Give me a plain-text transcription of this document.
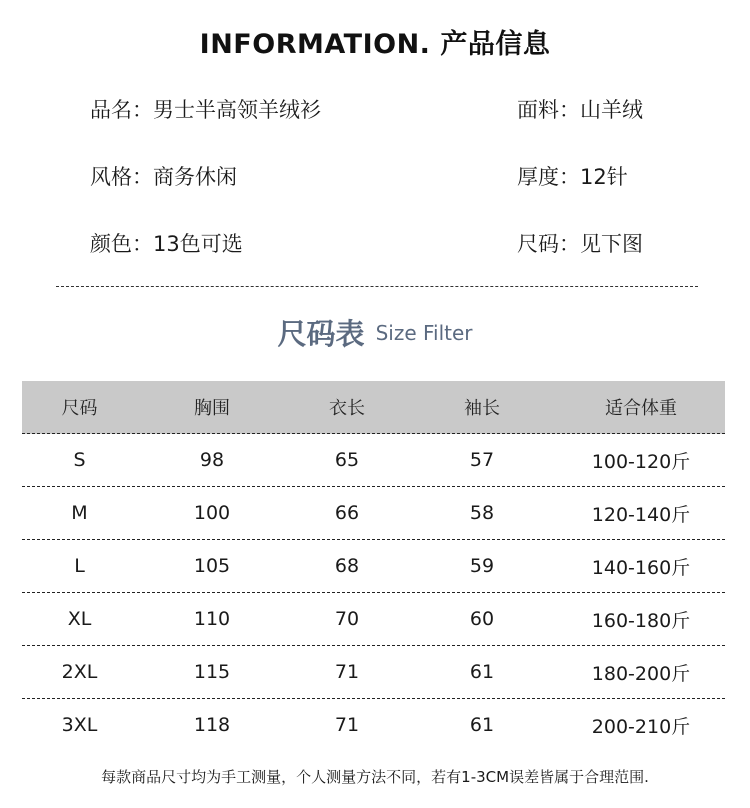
INFORMATION. 产品信息
品名：男士半高领羊绒衫
风格：商务休闲
颜色：13色可选
面料：山羊绒
厚度：12针
尺码：见下图
尺码表 Size Filter
尺码	胸围	衣长	袖长	适合体重
S	98	65	57	100-120斤
M	100	66	58	120-140斤
L	105	68	59	140-160斤
XL	110	70	60	160-180斤
2XL	115	71	61	180-200斤
3XL	118	71	61	200-210斤
每款商品尺寸均为手工测量，个人测量方法不同，若有1-3CM误差皆属于合理范围.
